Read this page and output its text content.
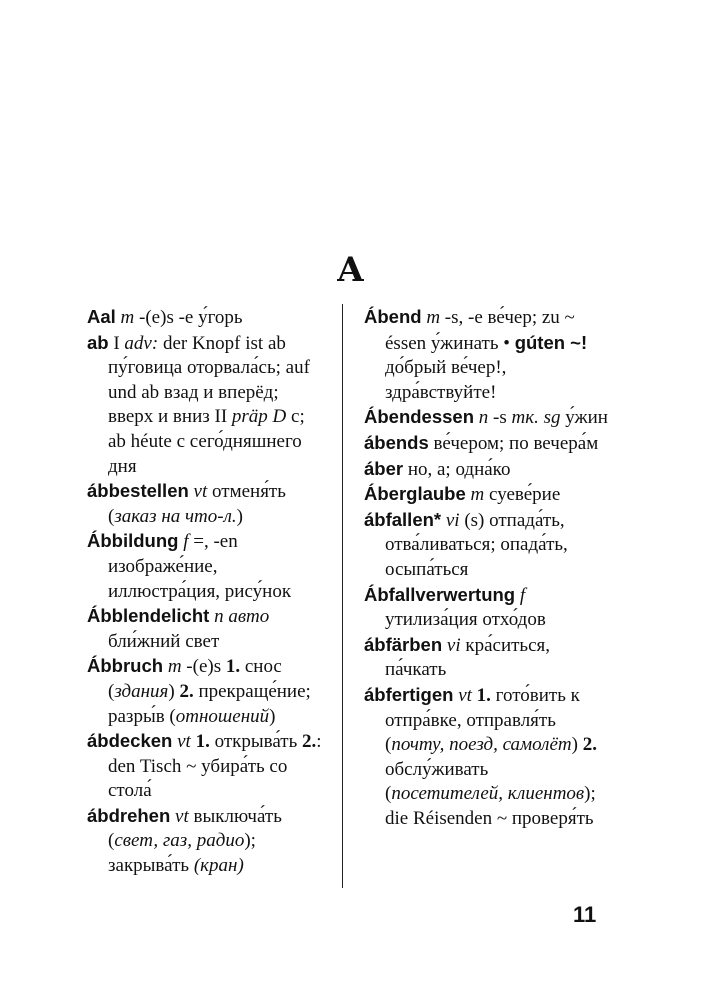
A
Aal m -(e)s -e у́горь
ab I adv: der Knopf ist ab пу́говица оторвала́сь; auf und ab взад и вперёд; вверх и вниз II präp D с; ab héute с сего́дняшнего дня
ábbestellen vt отменя́ть (заказ на что-л.)
Ábbildung f =, -en изображе́ние, иллюстра́ция, рису́нок
Ábblendelicht n авто бли́жний свет
Ábbruch m -(e)s 1. снос (здания) 2. прекраще́ние; разры́в (отношений)
ábdecken vt 1. открыва́ть 2.: den Tisch ~ убира́ть со стола́
ábdrehen vt выключа́ть (свет, газ, радио); закрыва́ть (кран)
Ábend m -s, -e ве́чер; zu ~ éssen у́жинать • gúten ~! до́брый ве́чер!, здра́вствуйте!
Ábendessen n -s тк. sg у́жин
ábends ве́чером; по вечера́м
áber но, а; одна́ко
Áberglaube m суеве́рие
ábfallen* vi (s) отпада́ть, отва́ливаться; опада́ть, осыпа́ться
Ábfallverwertung f утилиза́ция отхо́дов
ábfärben vi кра́ситься, па́чкать
ábfertigen vt 1. гото́вить к отпра́вке, отправля́ть (почту, поезд, самолёт) 2. обслу́живать (посетителей, клиентов); die Réisenden ~ проверя́ть
11
